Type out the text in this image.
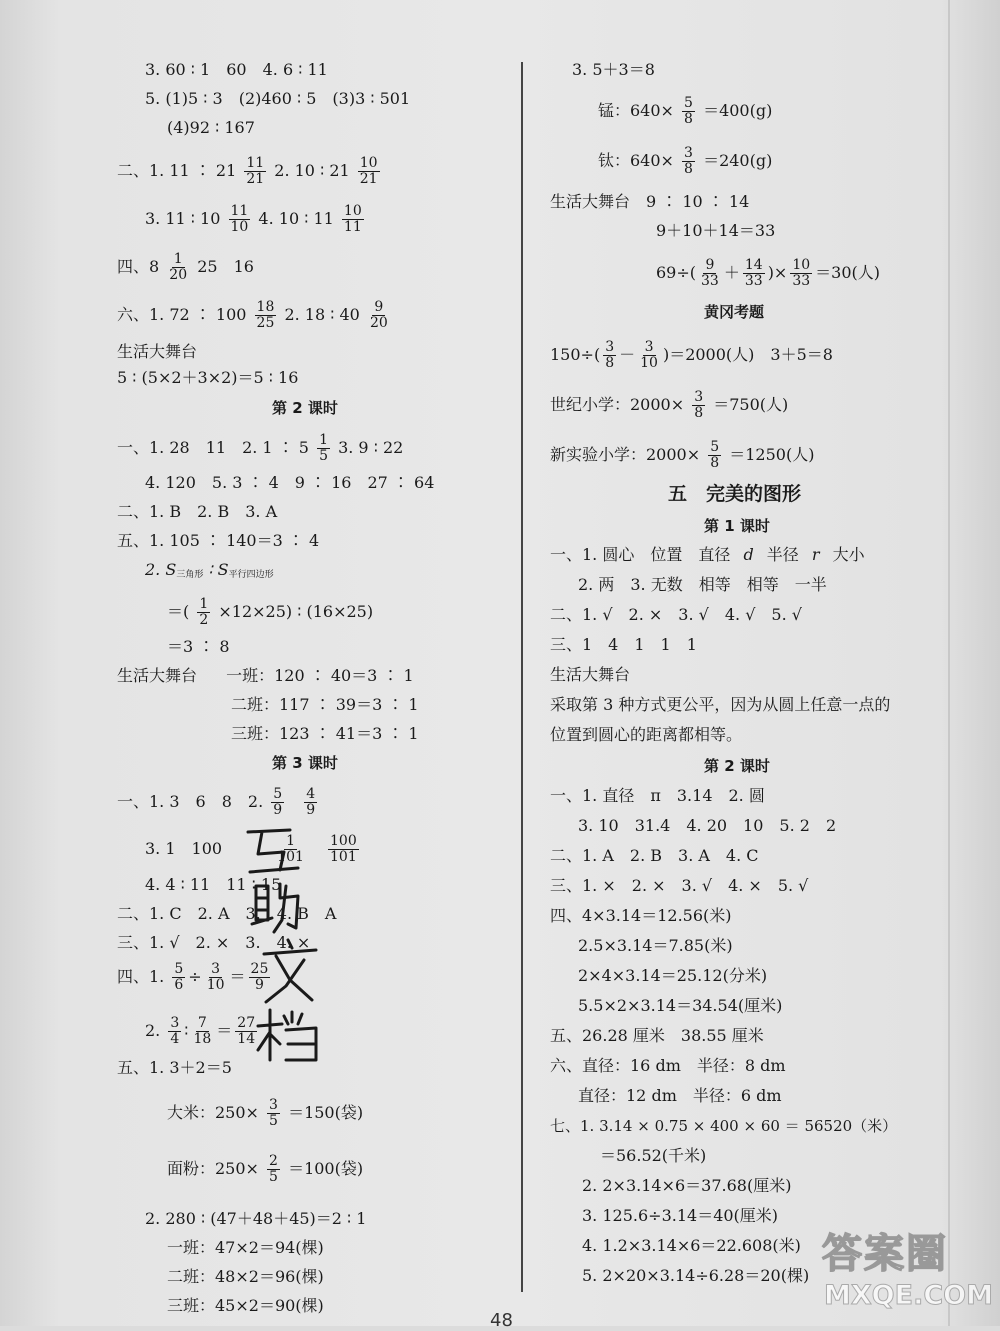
3. 60 ∶ 1　60　4. 6 ∶ 11
5. (1)5 ∶ 3　(2)460 ∶ 5　(3)3 ∶ 501
(4)92 ∶ 167
二、1. 11 ∶ $21 \frac{11}{21} 2$. 10 ∶ $21 \frac{10}{21}$
3. 11 ∶ $10 \frac{11}{10} 4$. 10 ∶ $11 \frac{10}{11}$
四、$8 \frac{1}{20} 25$　16
六、1. 72 ∶ $100 \frac{18}{25} 2$. 18 ∶ $40 \frac{9}{20}$
生活大舞台
5 ∶ (5×2＋3×2)＝5 ∶ 16
第 2 课时
一、1. 28　11　2. 1 ∶ $5 \frac{1}{5} 3$. 9 ∶ 22
4. 120　5. 3 ∶ 4　9 ∶ 16　27 ∶ 64
二、1. B　2. B　3. A
五、1. 105 ∶ 140＝3 ∶ 4
2. $S_{三角形}$ ∶ $S_{平行四边形}$
＝( $\frac{1}{2} \times 12\times 25$) ∶ (16×25)
＝3 ∶ 8
生活大舞台 一班：120 ∶ 40＝3 ∶ 1
二班：117 ∶ 39＝3 ∶ 1
三班：123 ∶ 41＝3 ∶ 1
第 3 课时
一、1. 3　6　8　2. $\frac{5}{9}$
$\frac{4}{9}$
3. 1　100	$\frac{1}{101}$
$\frac{100}{101}$
4. 4 ∶ 11　11 ∶ 15
二、1. C　2. A　3.　4. B　A
三、1. √　2. ×　3.　4. ×
四、1. $\frac{5}{6} \div \frac{3}{10} = \frac{25}{9}$
2. $\frac{3}{4}$ ∶ $\frac{7}{18} = \frac{27}{14}$
五、1. 3＋2＝5
大米：$250\times \frac{3}{5} =150$(袋)
面粉：$250\times \frac{2}{5} =100$(袋)
2. 280 ∶ (47＋48＋45)＝2 ∶ 1
一班：47×2＝94(棵)
二班：48×2＝96(棵)
三班：45×2＝90(棵)
3. 5＋3＝8
锰：$640\times \frac{5}{8} =400(g)$
钛：$640\times \frac{3}{8} =240(g)$
生活大舞台　9 ∶ 10 ∶ 14
9＋10＋14＝33
$69\div( \frac{9}{33} + \frac{14}{33}$ )× $\frac{10}{33} =30$(人)
黄冈考题
$150\div( \frac{3}{8} - \frac{3}{10} )=2000$(人)　3＋5＝8
世纪小学：$2000\times \frac{3}{8} =750$(人)
新实验小学：$2000\times \frac{5}{8} =1250$(人)
五　完美的图形
第 1 课时
一、1. 圆心　位置　直径 d 半径 r 大小
2. 两　3. 无数　相等　相等　一半
二、1. √　2. ×　3. √　4. √　5. √
三、1　4　1　1　1
生活大舞台
采取第 3 种方式更公平，因为从圆上任意一点的
位置到圆心的距离都相等。
第 2 课时
一、1. 直径　π　3.14　2. 圆
3. 10　31.4　4. 20　10　5. 2　2
二、1. A　2. B　3. A　4. C
三、1. ×　2. ×　3. √　4. ×　5. √
四、4×3.14＝12.56(米)
2.5×3.14＝7.85(米)
2×4×3.14＝25.12(分米)
5.5×2×3.14＝34.54(厘米)
五、26.28 厘米　38.55 厘米
六、直径：16 dm　半径：8 dm
直径：12 dm　半径：6 dm
七、1. 3.14 × 0.75 × 400 × 60 ＝ 56520（米）
＝56.52(千米)
2. 2×3.14×6＝37.68(厘米)
3. 125.6÷3.14＝40(厘米)
4. 1.2×3.14×6＝22.608(米)
5. 2×20×3.14÷6.28＝20(棵) 答案圈
MXQE.COM
48
